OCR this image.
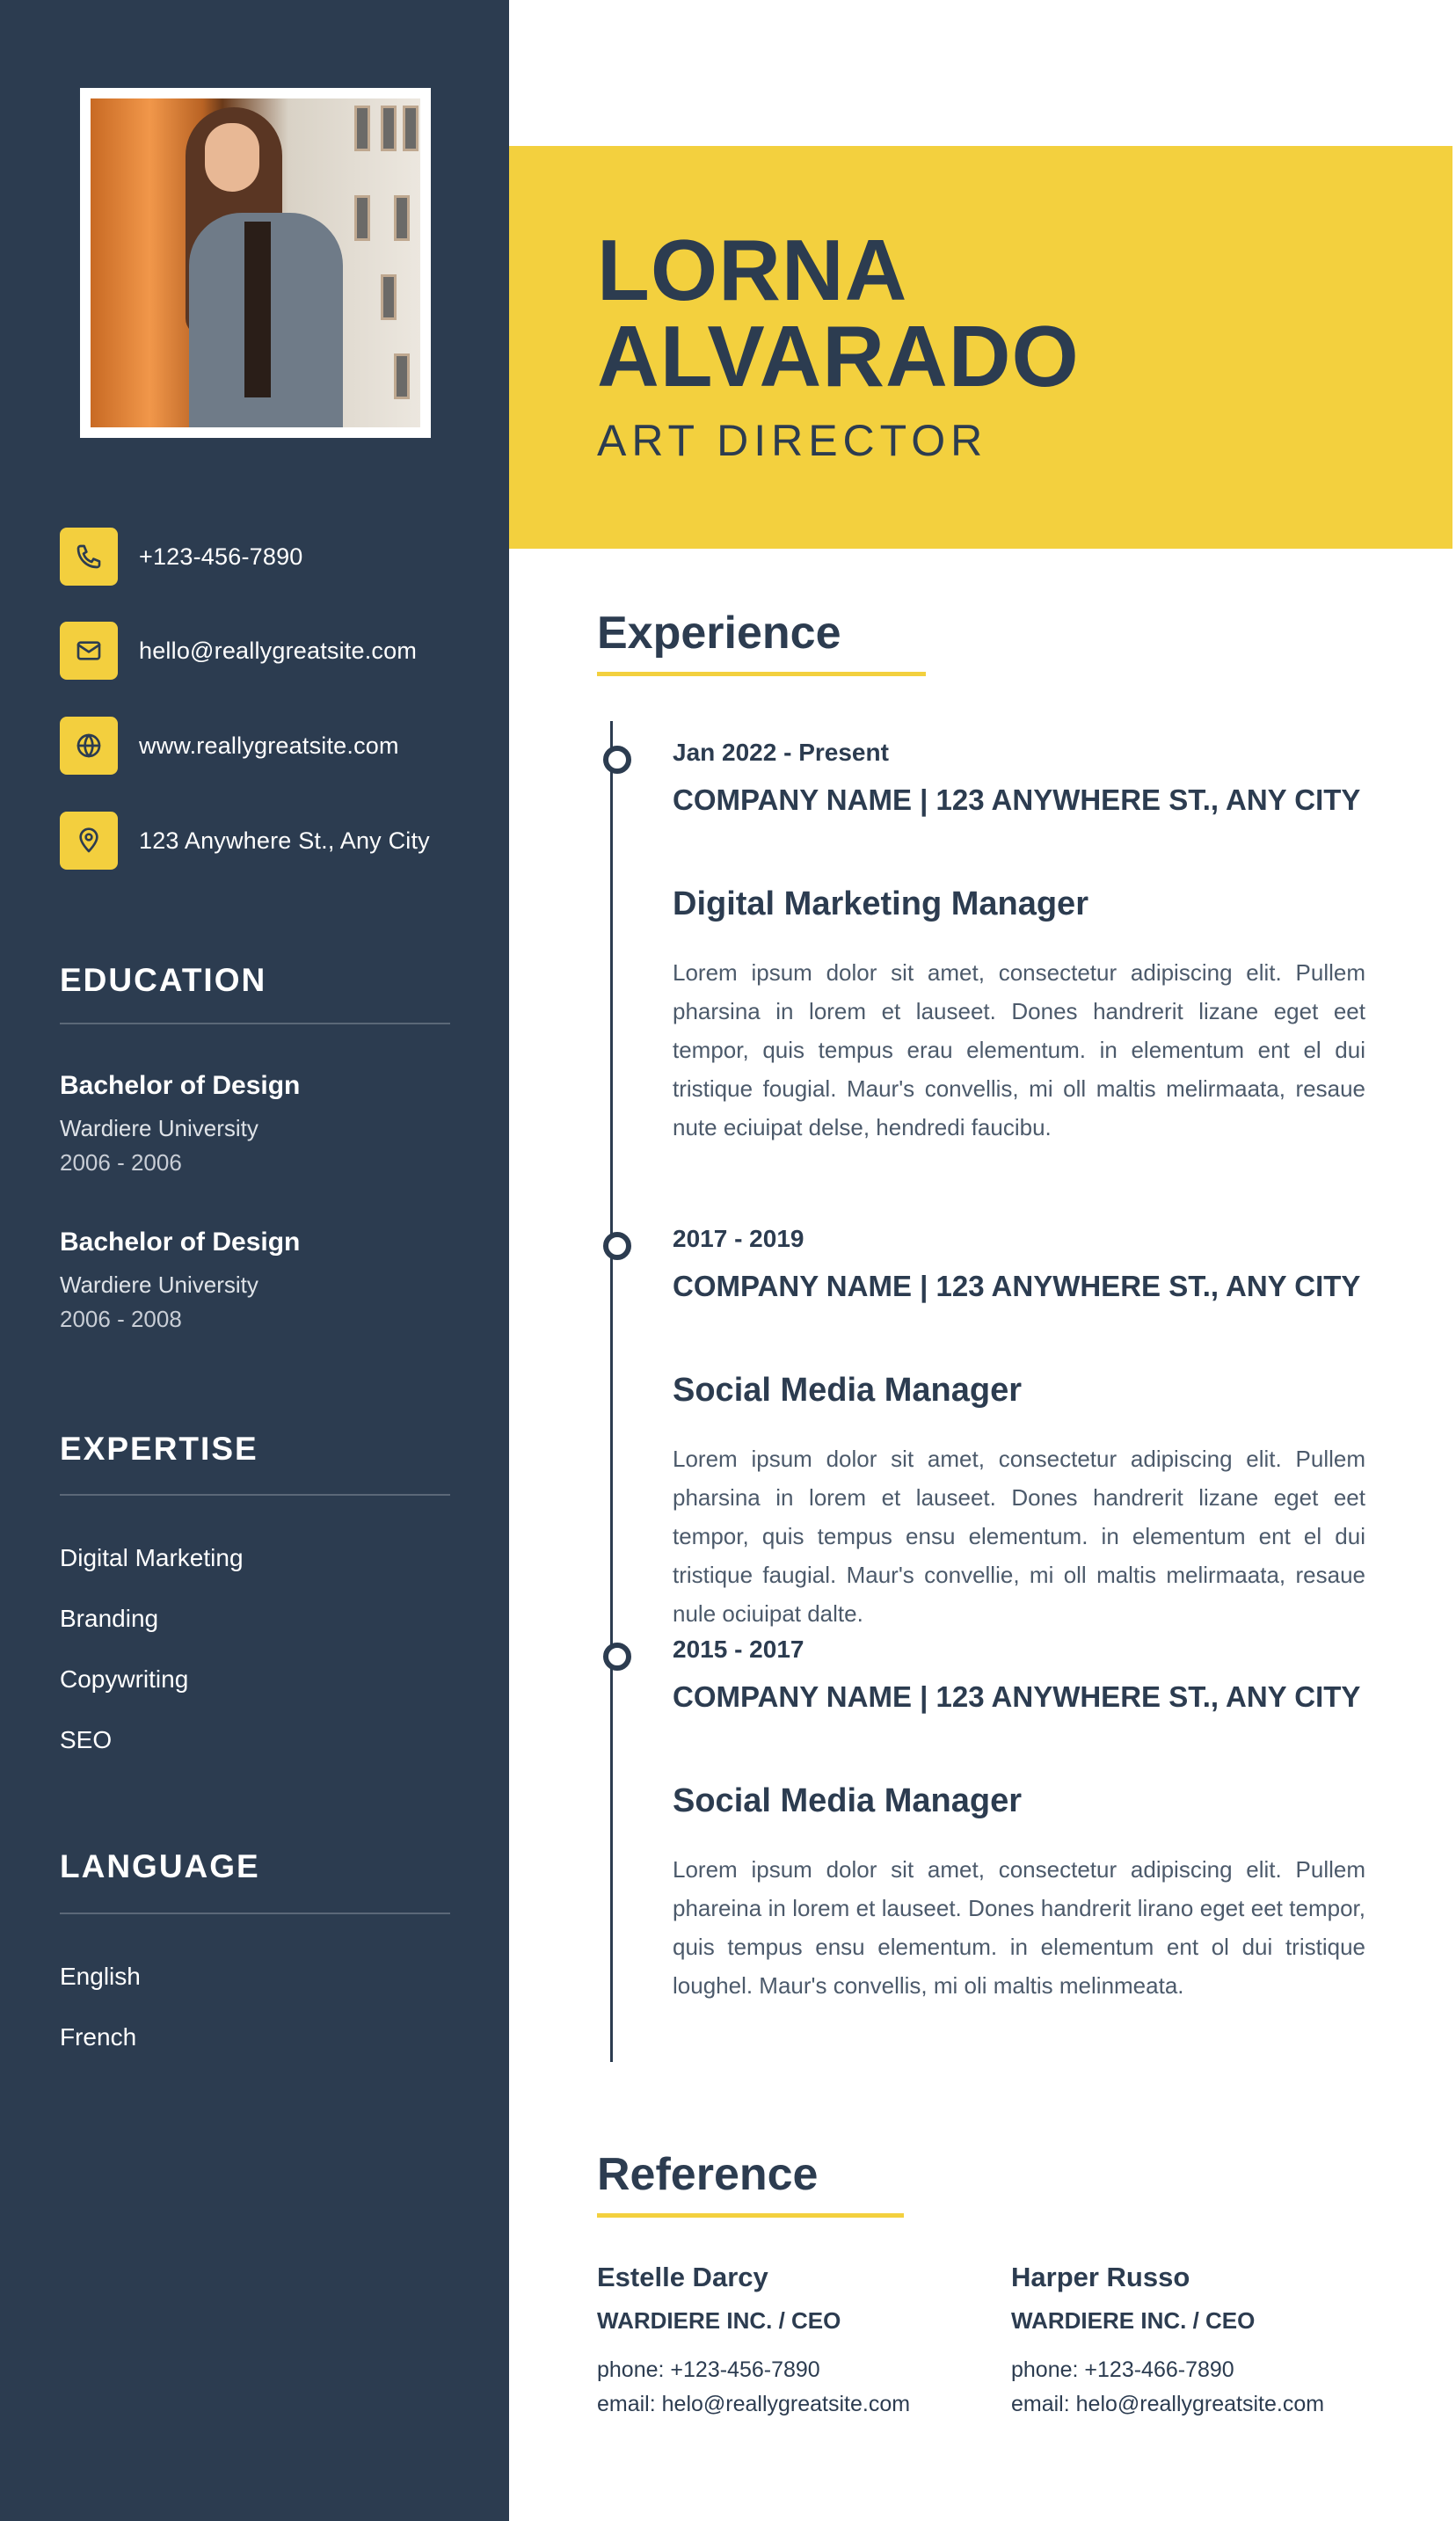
+123-456-7890
hello@reallygreatsite.com
www.reallygreatsite.com
123 Anywhere St., Any City
EDUCATION
Bachelor of Design
Wardiere University
2006 - 2006
Bachelor of Design
Wardiere University
2006 - 2008
EXPERTISE
Digital Marketing
Branding
Copywriting
SEO
LANGUAGE
English
French
LORNA
ALVARADO
ART DIRECTOR
Experience
Jan 2022 - Present
COMPANY NAME | 123 ANYWHERE ST., ANY CITY
Digital Marketing Manager
Lorem ipsum dolor sit amet, consectetur adipiscing elit. Pullem pharsina in lorem et lauseet. Dones handrerit lizane eget eet tempor, quis tempus erau elementum. in elementum ent el dui tristique fougial. Maur's convellis, mi oll maltis melirmaata, resaue nute eciuipat delse, hendredi faucibu.
2017 - 2019
COMPANY NAME | 123 ANYWHERE ST., ANY CITY
Social Media Manager
Lorem ipsum dolor sit amet, consectetur adipiscing elit. Pullem pharsina in lorem et lauseet. Dones handrerit lizane eget eet tempor, quis tempus ensu elementum. in elementum ent el dui tristique faugial. Maur's convellie, mi oll maltis melirmaata, resaue nule ociuipat dalte.
2015 - 2017
COMPANY NAME | 123 ANYWHERE ST., ANY CITY
Social Media Manager
Lorem ipsum dolor sit amet, consectetur adipiscing elit. Pullem phareina in lorem et lauseet. Dones handrerit lirano eget eet tempor, quis tempus ensu elementum. in elementum ent ol dui tristique loughel. Maur's convellis, mi oli maltis melinmeata.
Reference
Estelle Darcy
WARDIERE INC. / CEO
phone: +123-456-7890
email: helo@reallygreatsite.com
Harper Russo
WARDIERE INC. / CEO
phone: +123-466-7890
email: helo@reallygreatsite.com
